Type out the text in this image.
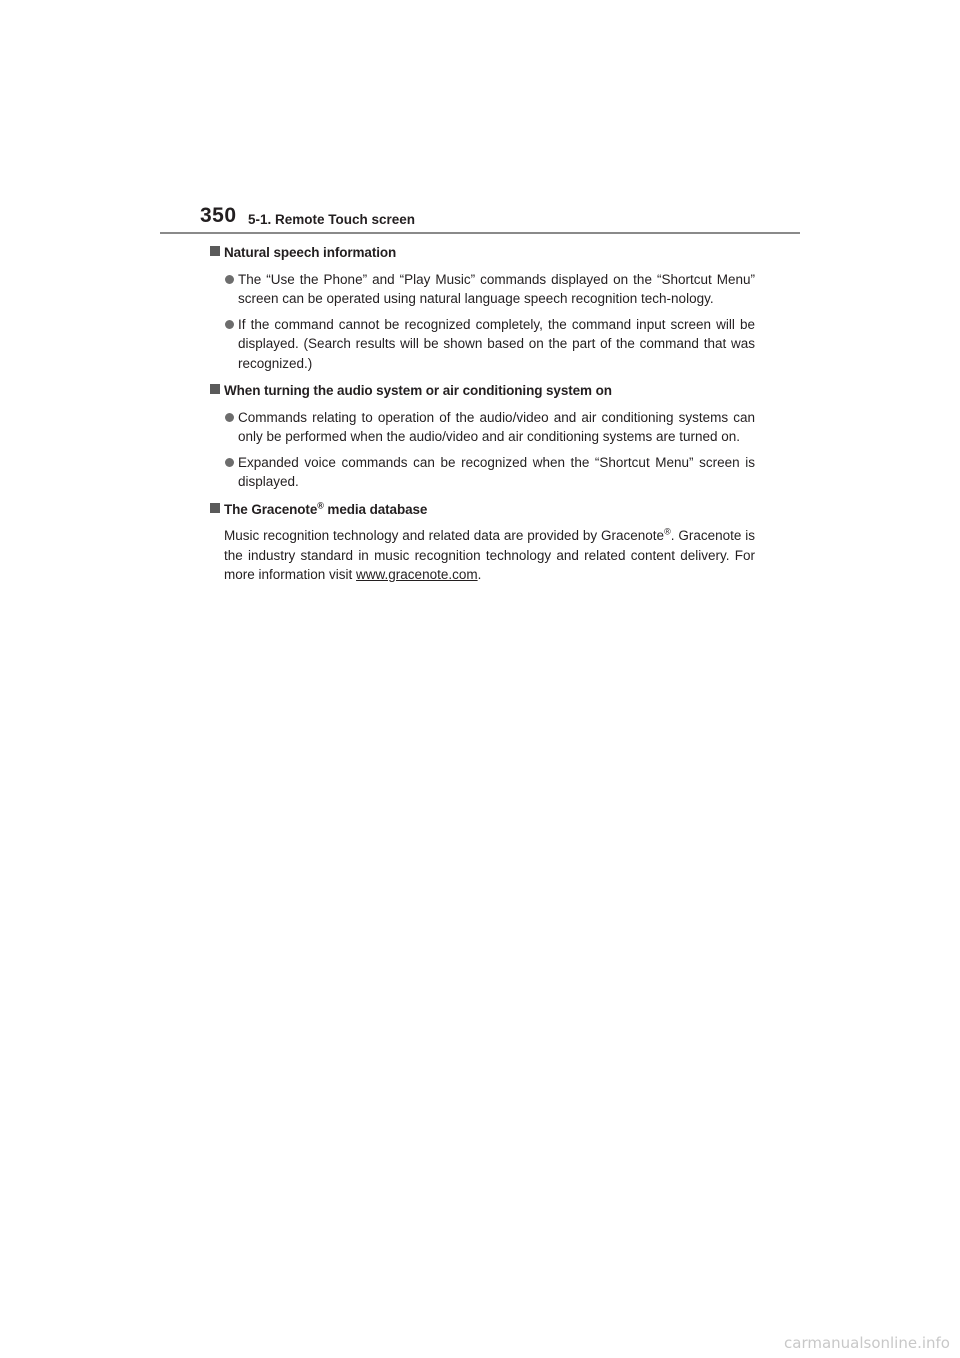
350 5-1. Remote Touch screen
Natural speech information
The “Use the Phone” and “Play Music” commands displayed on the “Shortcut Menu” screen can be operated using natural language speech recognition tech-nology.
If the command cannot be recognized completely, the command input screen will be displayed. (Search results will be shown based on the part of the command that was recognized.)
When turning the audio system or air conditioning system on
Commands relating to operation of the audio/video and air conditioning systems can only be performed when the audio/video and air conditioning systems are turned on.
Expanded voice commands can be recognized when the “Shortcut Menu” screen is displayed.
The Gracenote® media database
Music recognition technology and related data are provided by Gracenote®. Gracenote is the industry standard in music recognition technology and related content delivery. For more information visit www.gracenote.com.
carmanualsonline.info
